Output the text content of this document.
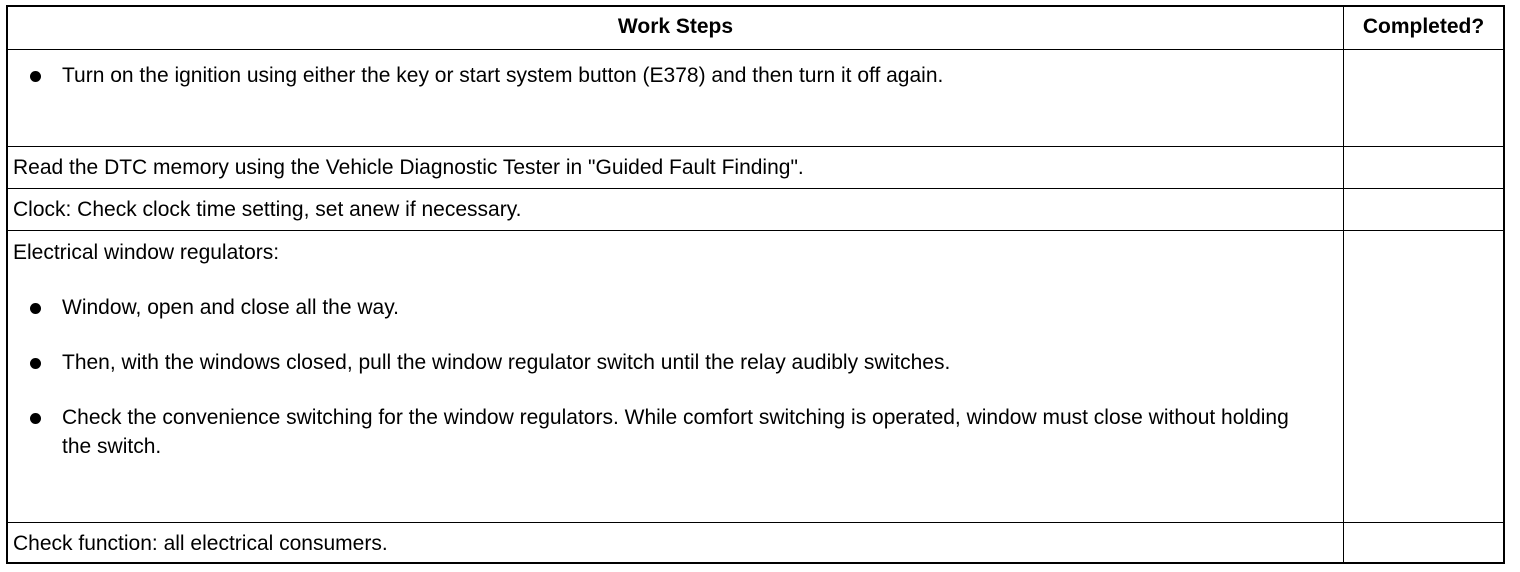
Work Steps	Completed?
Turn on the ignition using either the key or start system button (E378) and then turn it off again.
Read the DTC memory using the Vehicle Diagnostic Tester in "Guided Fault Finding".
Clock: Check clock time setting, set anew if necessary.
Electrical window regulators:
Window, open and close all the way.
Then, with the windows closed, pull the window regulator switch until the relay audibly switches.
Check the convenience switching for the window regulators. While comfort switching is operated, window must close without holding the switch.
Check function: all electrical consumers.
